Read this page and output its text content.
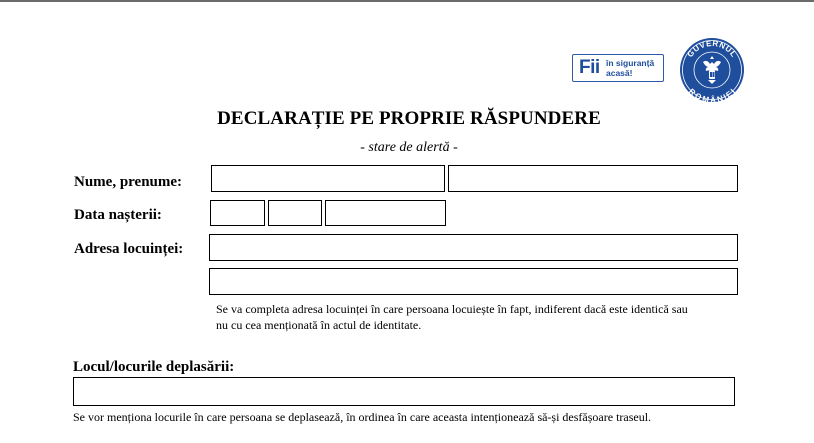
Fii în siguranță
acasă!
GUVERNUL
ROMÂNIEI
DECLARAȚIE PE PROPRIE RĂSPUNDERE
- stare de alertă -
Nume, prenume:
Data nașterii:
Adresa locuinței:
Se va completa adresa locuinței în care persoana locuiește în fapt, indiferent dacă este identică sau
nu cu cea menționată în actul de identitate.
Locul/locurile deplasării:
Se vor menționa locurile în care persoana se deplasează, în ordinea în care aceasta intenționează să-și desfășoare traseul.
